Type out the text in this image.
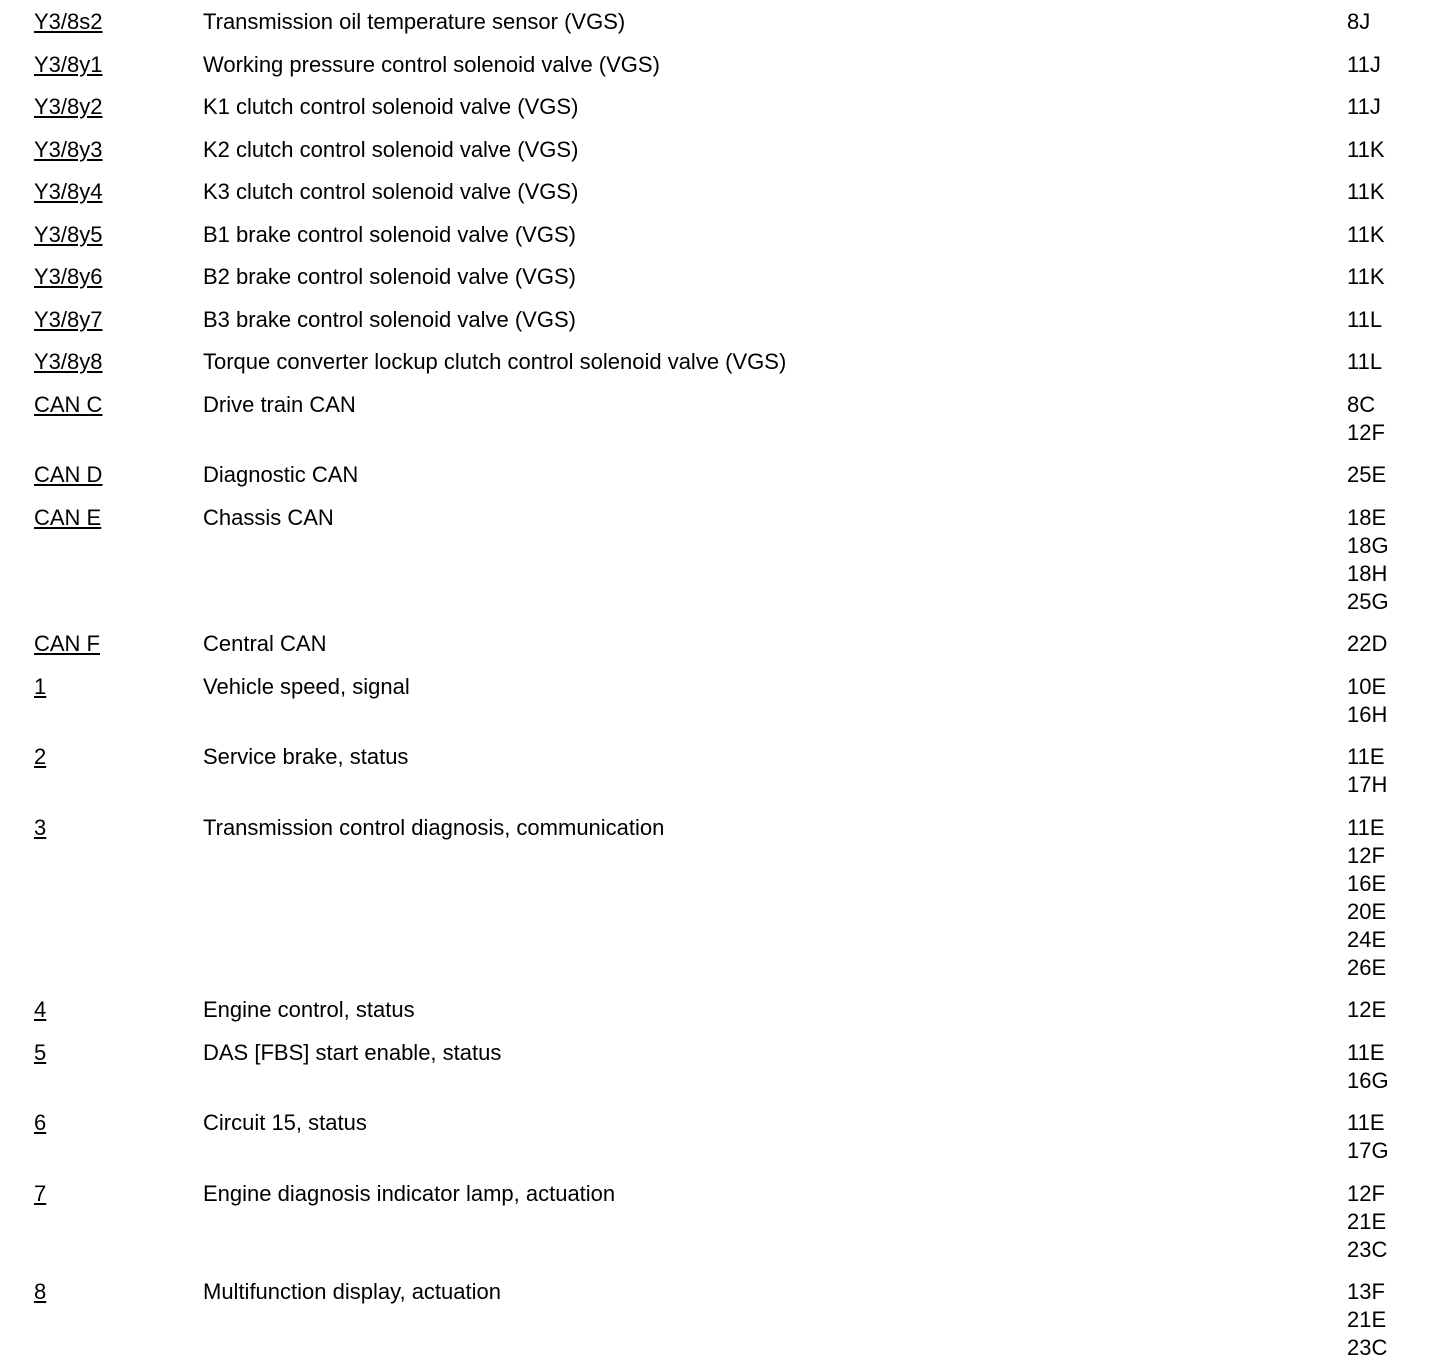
Y3/8s2	Transmission oil temperature sensor (VGS)	8J
Y3/8y1	Working pressure control solenoid valve (VGS)	11J
Y3/8y2	K1 clutch control solenoid valve (VGS)	11J
Y3/8y3	K2 clutch control solenoid valve (VGS)	11K
Y3/8y4	K3 clutch control solenoid valve (VGS)	11K
Y3/8y5	B1 brake control solenoid valve (VGS)	11K
Y3/8y6	B2 brake control solenoid valve (VGS)	11K
Y3/8y7	B3 brake control solenoid valve (VGS)	11L
Y3/8y8	Torque converter lockup clutch control solenoid valve (VGS)	11L
CAN C	Drive train CAN	8C
12F
CAN D	Diagnostic CAN	25E
CAN E	Chassis CAN	18E
18G
18H
25G
CAN F	Central CAN	22D
1	Vehicle speed, signal	10E
16H
2	Service brake, status	11E
17H
3	Transmission control diagnosis, communication	11E
12F
16E
20E
24E
26E
4	Engine control, status	12E
5	DAS [FBS] start enable, status	11E
16G
6	Circuit 15, status	11E
17G
7	Engine diagnosis indicator lamp, actuation	12F
21E
23C
8	Multifunction display, actuation	13F
21E
23C
